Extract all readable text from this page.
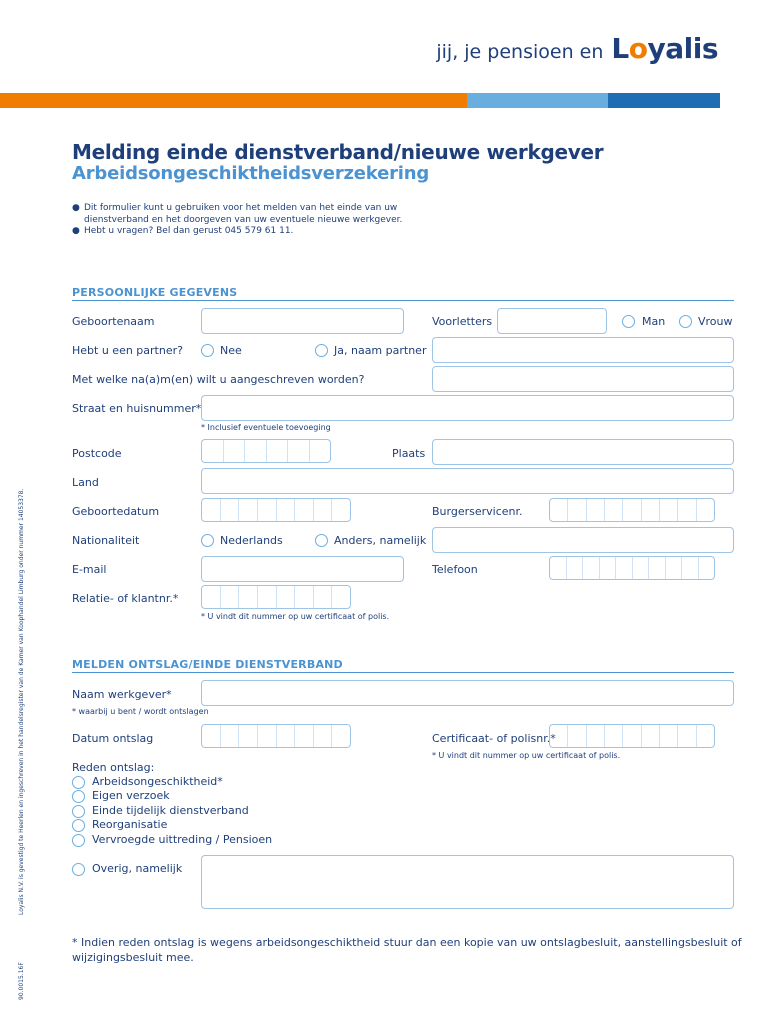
jij, je pensioen en Loyalis
Melding einde dienstverband/nieuwe werkgever
Arbeidsongeschiktheidsverzekering
● Dit formulier kunt u gebruiken voor het melden van het einde van uw dienstverband en het doorgeven van uw eventuele nieuwe werkgever.
● Hebt u vragen? Bel dan gerust 045 579 61 11.
PERSOONLIJKE GEGEVENS
Geboortenaam	Voorletters	Man	Vrouw
Hebt u een partner?	Nee	Ja, naam partner
Met welke na(a)m(en) wilt u aangeschreven worden?
Straat en huisnummer*
* Inclusief eventuele toevoeging
Postcode	Plaats
Land
Geboortedatum	Burgerservicenr.
Nationaliteit	Nederlands	Anders, namelijk
E-mail	Telefoon
Relatie- of klantnr.*
* U vindt dit nummer op uw certificaat of polis.
MELDEN ONTSLAG/EINDE DIENSTVERBAND
Naam werkgever*
* waarbij u bent / wordt ontslagen
Datum ontslag	Certificaat- of polisnr.*
* U vindt dit nummer op uw certificaat of polis.
Reden ontslag:
Arbeidsongeschiktheid*
Eigen verzoek
Einde tijdelijk dienstverband
Reorganisatie
Vervroegde uittreding / Pensioen
Overig, namelijk
* Indien reden ontslag is wegens arbeidsongeschiktheid stuur dan een kopie van uw ontslagbesluit, aanstellingsbesluit of wijzigingsbesluit mee.
Loyalis N.V. is gevestigd te Heerlen en ingeschreven in het handelsregister van de Kamer van Koophandel Limburg onder nummer 14053378.
90.0015.16F
